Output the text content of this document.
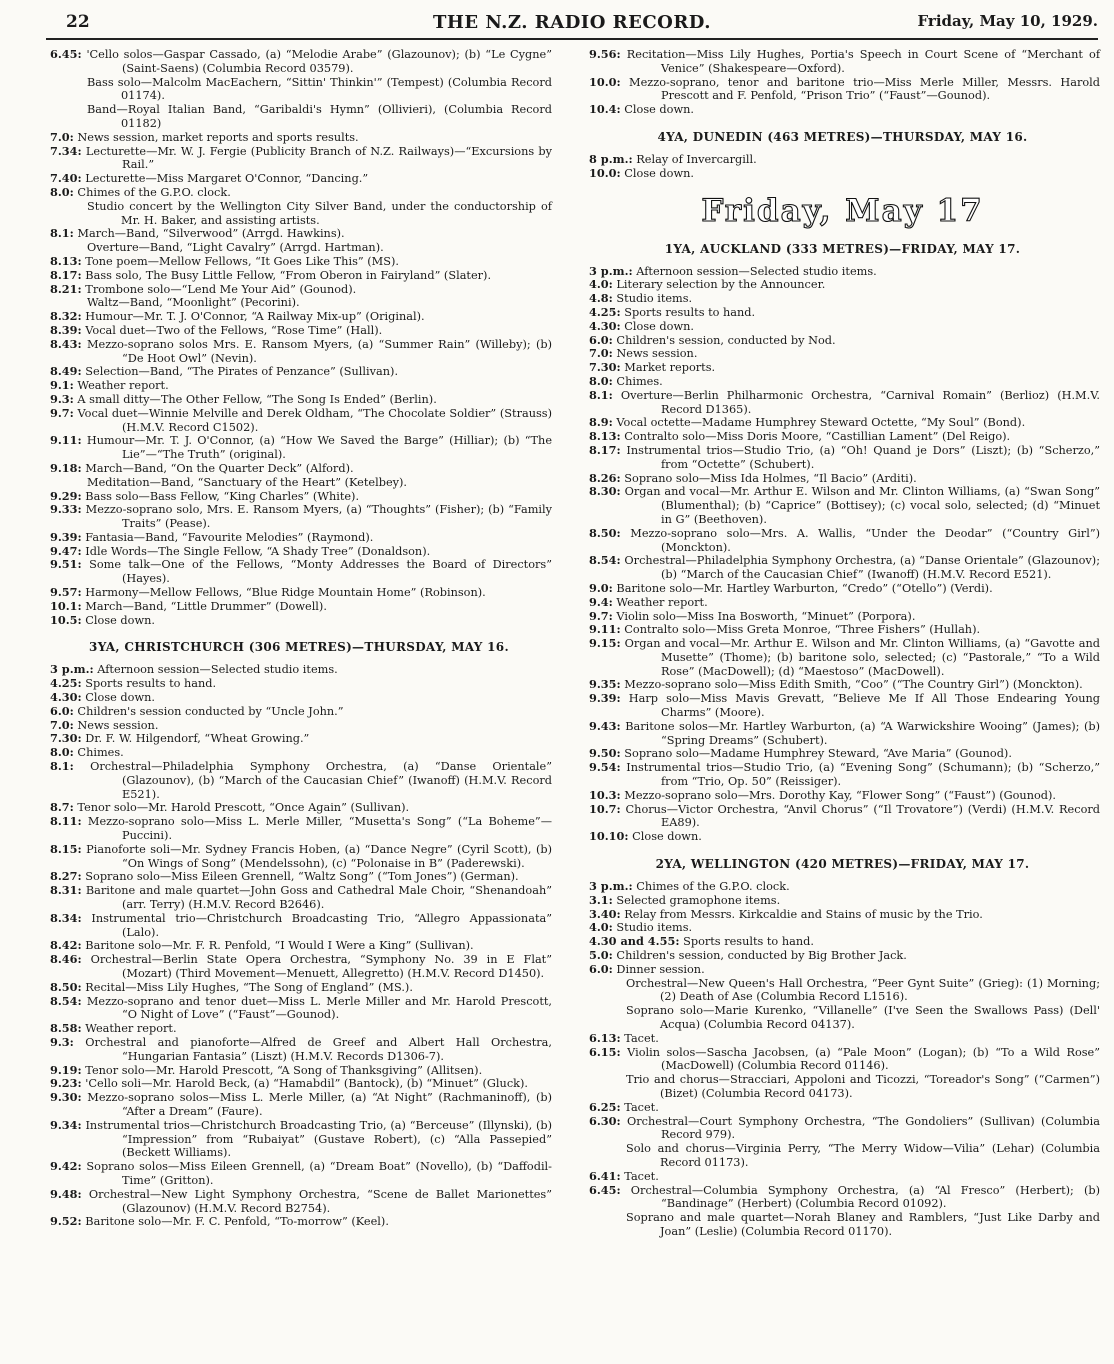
22	THE N.Z. RADIO RECORD.	Friday, May 10, 1929.

6.45: 'Cello solos—Gaspar Cassado, (a) “Melodie Arabe” (Glazounov); (b) “Le Cygne” (Saint-Saens) (Columbia Record 03579).

Bass solo—Malcolm MacEachern, “Sittin' Thinkin'” (Tempest) (Columbia Record 01174).

Band—Royal Italian Band, “Garibaldi's Hymn” (Ollivieri), (Columbia Record 01182)

7.0: News session, market reports and sports results.

7.34: Lecturette—Mr. W. J. Fergie (Publicity Branch of N.Z. Railways)—“Excursions by Rail.”

7.40: Lecturette—Miss Margaret O'Connor, “Dancing.”

8.0: Chimes of the G.P.O. clock.

Studio concert by the Wellington City Silver Band, under the conductorship of Mr. H. Baker, and assisting artists.

8.1: March—Band, “Silverwood” (Arrgd. Hawkins).

Overture—Band, “Light Cavalry” (Arrgd. Hartman).

8.13: Tone poem—Mellow Fellows, “It Goes Like This” (MS).

8.17: Bass solo, The Busy Little Fellow, “From Oberon in Fairyland” (Slater).

8.21: Trombone solo—“Lend Me Your Aid” (Gounod).

Waltz—Band, “Moonlight” (Pecorini).

8.32: Humour—Mr. T. J. O'Connor, “A Railway Mix-up” (Original).

8.39: Vocal duet—Two of the Fellows, “Rose Time” (Hall).

8.43: Mezzo-soprano solos Mrs. E. Ransom Myers, (a) “Summer Rain” (Willeby); (b) “De Hoot Owl” (Nevin).

8.49: Selection—Band, “The Pirates of Penzance” (Sullivan).

9.1: Weather report.

9.3: A small ditty—The Other Fellow, “The Song Is Ended” (Berlin).

9.7: Vocal duet—Winnie Melville and Derek Oldham, “The Chocolate Soldier” (Strauss) (H.M.V. Record C1502).

9.11: Humour—Mr. T. J. O'Connor, (a) “How We Saved the Barge” (Hilliar); (b) “The Lie”—“The Truth” (original).

9.18: March—Band, “On the Quarter Deck” (Alford).

Meditation—Band, “Sanctuary of the Heart” (Ketelbey).

9.29: Bass solo—Bass Fellow, “King Charles” (White).

9.33: Mezzo-soprano solo, Mrs. E. Ransom Myers, (a) “Thoughts” (Fisher); (b) “Family Traits” (Pease).

9.39: Fantasia—Band, “Favourite Melodies” (Raymond).

9.47: Idle Words—The Single Fellow, “A Shady Tree” (Donaldson).

9.51: Some talk—One of the Fellows, “Monty Addresses the Board of Directors” (Hayes).

9.57: Harmony—Mellow Fellows, “Blue Ridge Mountain Home” (Robinson).

10.1: March—Band, “Little Drummer” (Dowell).

10.5: Close down.

3YA, CHRISTCHURCH (306 METRES)—THURSDAY, MAY 16.

3 p.m.: Afternoon session—Selected studio items.

4.25: Sports results to hand.

4.30: Close down.

6.0: Children's session conducted by “Uncle John.”

7.0: News session.

7.30: Dr. F. W. Hilgendorf, “Wheat Growing.”

8.0: Chimes.

8.1: Orchestral—Philadelphia Symphony Orchestra, (a) “Danse Orientale” (Glazounov), (b) “March of the Caucasian Chief” (Iwanoff) (H.M.V. Record E521).

8.7: Tenor solo—Mr. Harold Prescott, “Once Again” (Sullivan).

8.11: Mezzo-soprano solo—Miss L. Merle Miller, “Musetta's Song” (“La Boheme”—Puccini).

8.15: Pianoforte soli—Mr. Sydney Francis Hoben, (a) “Dance Negre” (Cyril Scott), (b) “On Wings of Song” (Mendelssohn), (c) “Polonaise in B” (Paderewski).

8.27: Soprano solo—Miss Eileen Grennell, “Waltz Song” (“Tom Jones”) (German).

8.31: Baritone and male quartet—John Goss and Cathedral Male Choir, “Shenandoah” (arr. Terry) (H.M.V. Record B2646).

8.34: Instrumental trio—Christchurch Broadcasting Trio, “Allegro Appassionata” (Lalo).

8.42: Baritone solo—Mr. F. R. Penfold, “I Would I Were a King” (Sullivan).

8.46: Orchestral—Berlin State Opera Orchestra, “Symphony No. 39 in E Flat” (Mozart) (Third Movement—Menuett, Allegretto) (H.M.V. Record D1450).

8.50: Recital—Miss Lily Hughes, “The Song of England” (MS.).

8.54: Mezzo-soprano and tenor duet—Miss L. Merle Miller and Mr. Harold Prescott, “O Night of Love” (“Faust”—Gounod).

8.58: Weather report.

9.3: Orchestral and pianoforte—Alfred de Greef and Albert Hall Orchestra, “Hungarian Fantasia” (Liszt) (H.M.V. Records D1306-7).

9.19: Tenor solo—Mr. Harold Prescott, “A Song of Thanksgiving” (Allitsen).

9.23: 'Cello soli—Mr. Harold Beck, (a) “Hamabdil” (Bantock), (b) “Minuet” (Gluck).

9.30: Mezzo-soprano solos—Miss L. Merle Miller, (a) “At Night” (Rachmaninoff), (b) “After a Dream” (Faure).

9.34: Instrumental trios—Christchurch Broadcasting Trio, (a) “Berceuse” (Illynski), (b) “Impression” from “Rubaiyat” (Gustave Robert), (c) “Alla Passepied” (Beckett Williams).

9.42: Soprano solos—Miss Eileen Grennell, (a) “Dream Boat” (Novello), (b) “Daffodil-Time” (Gritton).

9.48: Orchestral—New Light Symphony Orchestra, “Scene de Ballet Marionettes” (Glazounov) (H.M.V. Record B2754).

9.52: Baritone solo—Mr. F. C. Penfold, “To-morrow” (Keel).

9.56: Recitation—Miss Lily Hughes, Portia's Speech in Court Scene of “Merchant of Venice” (Shakespeare—Oxford).

10.0: Mezzo-soprano, tenor and baritone trio—Miss Merle Miller, Messrs. Harold Prescott and F. Penfold, “Prison Trio” (“Faust”—Gounod).

10.4: Close down.

4YA, DUNEDIN (463 METRES)—THURSDAY, MAY 16.

8 p.m.: Relay of Invercargill.

10.0: Close down.

Friday, May 17
1YA, AUCKLAND (333 METRES)—FRIDAY, MAY 17.

3 p.m.: Afternoon session—Selected studio items.

4.0: Literary selection by the Announcer.

4.8: Studio items.

4.25: Sports results to hand.

4.30: Close down.

6.0: Children's session, conducted by Nod.

7.0: News session.

7.30: Market reports.

8.0: Chimes.

8.1: Overture—Berlin Philharmonic Orchestra, “Carnival Romain” (Berlioz) (H.M.V. Record D1365).

8.9: Vocal octette—Madame Humphrey Steward Octette, “My Soul” (Bond).

8.13: Contralto solo—Miss Doris Moore, “Castillian Lament” (Del Reigo).

8.17: Instrumental trios—Studio Trio, (a) “Oh! Quand je Dors” (Liszt); (b) “Scherzo,” from “Octette” (Schubert).

8.26: Soprano solo—Miss Ida Holmes, “Il Bacio” (Arditi).

8.30: Organ and vocal—Mr. Arthur E. Wilson and Mr. Clinton Williams, (a) “Swan Song” (Blumenthal); (b) “Caprice” (Bottisey); (c) vocal solo, selected; (d) “Minuet in G” (Beethoven).

8.50: Mezzo-soprano solo—Mrs. A. Wallis, “Under the Deodar” (“Country Girl”) (Monckton).

8.54: Orchestral—Philadelphia Symphony Orchestra, (a) “Danse Orientale” (Glazounov); (b) “March of the Caucasian Chief” (Iwanoff) (H.M.V. Record E521).

9.0: Baritone solo—Mr. Hartley Warburton, “Credo” (“Otello”) (Verdi).

9.4: Weather report.

9.7: Violin solo—Miss Ina Bosworth, “Minuet” (Porpora).

9.11: Contralto solo—Miss Greta Monroe, “Three Fishers” (Hullah).

9.15: Organ and vocal—Mr. Arthur E. Wilson and Mr. Clinton Williams, (a) “Gavotte and Musette” (Thome); (b) baritone solo, selected; (c) “Pastorale,” “To a Wild Rose” (MacDowell); (d) “Maestoso” (MacDowell).

9.35: Mezzo-soprano solo—Miss Edith Smith, “Coo” (“The Country Girl”) (Monckton).

9.39: Harp solo—Miss Mavis Grevatt, “Believe Me If All Those Endearing Young Charms” (Moore).

9.43: Baritone solos—Mr. Hartley Warburton, (a) “A Warwickshire Wooing” (James); (b) “Spring Dreams” (Schubert).

9.50: Soprano solo—Madame Humphrey Steward, “Ave Maria” (Gounod).

9.54: Instrumental trios—Studio Trio, (a) “Evening Song” (Schumann); (b) “Scherzo,” from “Trio, Op. 50” (Reissiger).

10.3: Mezzo-soprano solo—Mrs. Dorothy Kay, “Flower Song” (“Faust”) (Gounod).

10.7: Chorus—Victor Orchestra, “Anvil Chorus” (“Il Trovatore”) (Verdi) (H.M.V. Record EA89).

10.10: Close down.

2YA, WELLINGTON (420 METRES)—FRIDAY, MAY 17.

3 p.m.: Chimes of the G.P.O. clock.

3.1: Selected gramophone items.

3.40: Relay from Messrs. Kirkcaldie and Stains of music by the Trio.

4.0: Studio items.

4.30 and 4.55: Sports results to hand.

5.0: Children's session, conducted by Big Brother Jack.

6.0: Dinner session.

Orchestral—New Queen's Hall Orchestra, “Peer Gynt Suite” (Grieg): (1) Morning; (2) Death of Ase (Columbia Record L1516).

Soprano solo—Marie Kurenko, “Villanelle” (I've Seen the Swallows Pass) (Dell' Acqua) (Columbia Record 04137).

6.13: Tacet.

6.15: Violin solos—Sascha Jacobsen, (a) “Pale Moon” (Logan); (b) “To a Wild Rose” (MacDowell) (Columbia Record 01146).

Trio and chorus—Stracciari, Appoloni and Ticozzi, “Toreador's Song” (“Carmen”) (Bizet) (Columbia Record 04173).

6.25: Tacet.

6.30: Orchestral—Court Symphony Orchestra, “The Gondoliers” (Sullivan) (Columbia Record 979).

Solo and chorus—Virginia Perry, “The Merry Widow—Vilia” (Lehar) (Columbia Record 01173).

6.41: Tacet.

6.45: Orchestral—Columbia Symphony Orchestra, (a) “Al Fresco” (Herbert); (b) “Bandinage” (Herbert) (Columbia Record 01092).

Soprano and male quartet—Norah Blaney and Ramblers, “Just Like Darby and Joan” (Leslie) (Columbia Record 01170).
